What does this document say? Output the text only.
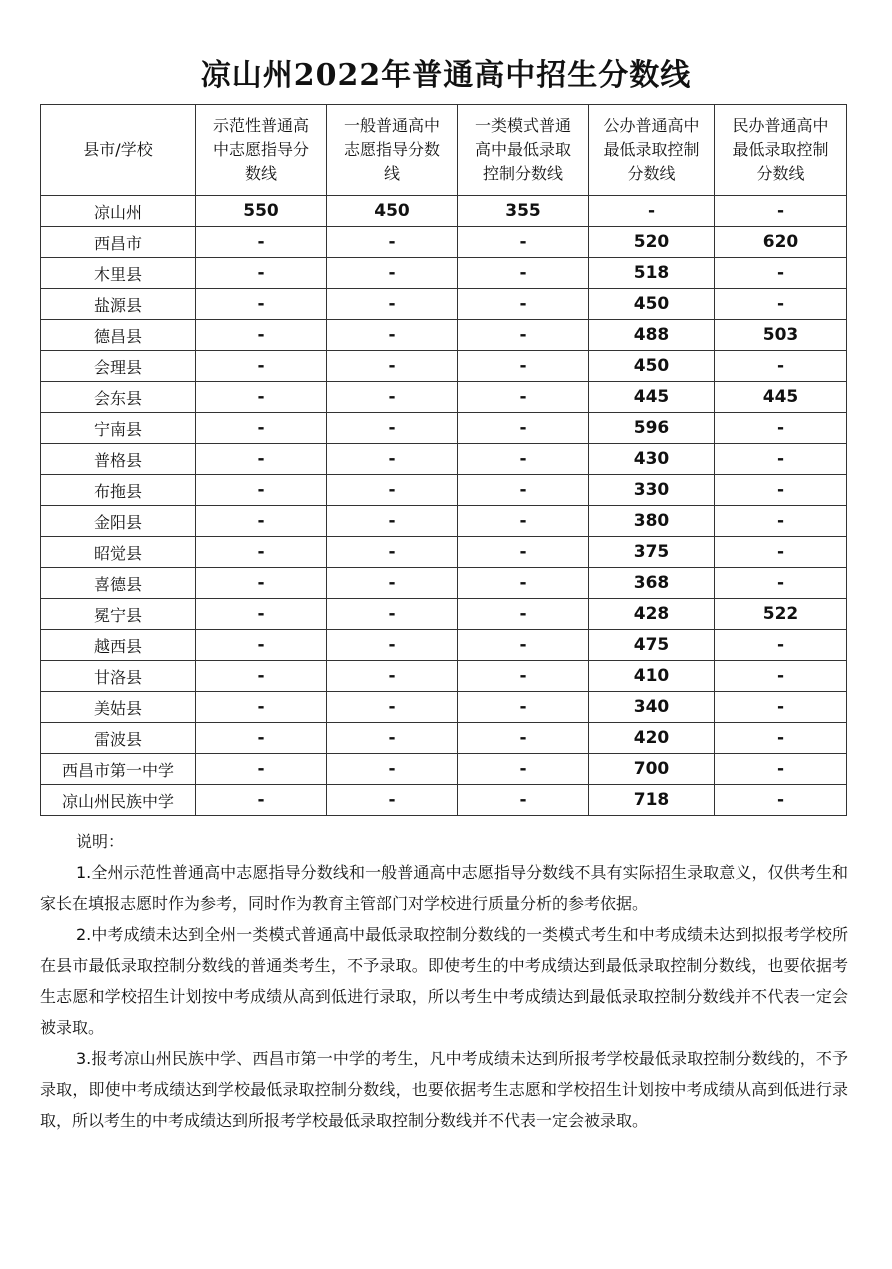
凉山州2022年普通高中招生分数线
县市/学校	示范性普通高中志愿指导分数线	一般普通高中志愿指导分数线	一类模式普通高中最低录取控制分数线	公办普通高中最低录取控制分数线	民办普通高中最低录取控制分数线

凉山州	550	450	355	-	-
西昌市	-	-	-	520	620
木里县	-	-	-	518	-
盐源县	-	-	-	450	-
德昌县	-	-	-	488	503
会理县	-	-	-	450	-
会东县	-	-	-	445	445
宁南县	-	-	-	596	-
普格县	-	-	-	430	-
布拖县	-	-	-	330	-
金阳县	-	-	-	380	-
昭觉县	-	-	-	375	-
喜德县	-	-	-	368	-
冕宁县	-	-	-	428	522
越西县	-	-	-	475	-
甘洛县	-	-	-	410	-
美姑县	-	-	-	340	-
雷波县	-	-	-	420	-
西昌市第一中学	-	-	-	700	-
凉山州民族中学	-	-	-	718	-

说明：

1.全州示范性普通高中志愿指导分数线和一般普通高中志愿指导分数线不具有实际招生录取意义，仅供考生和家长在填报志愿时作为参考，同时作为教育主管部门对学校进行质量分析的参考依据。

2.中考成绩未达到全州一类模式普通高中最低录取控制分数线的一类模式考生和中考成绩未达到拟报考学校所在县市最低录取控制分数线的普通类考生，不予录取。即使考生的中考成绩达到最低录取控制分数线，也要依据考生志愿和学校招生计划按中考成绩从高到低进行录取，所以考生中考成绩达到最低录取控制分数线并不代表一定会被录取。

3.报考凉山州民族中学、西昌市第一中学的考生，凡中考成绩未达到所报考学校最低录取控制分数线的，不予录取，即使中考成绩达到学校最低录取控制分数线，也要依据考生志愿和学校招生计划按中考成绩从高到低进行录取，所以考生的中考成绩达到所报考学校最低录取控制分数线并不代表一定会被录取。
